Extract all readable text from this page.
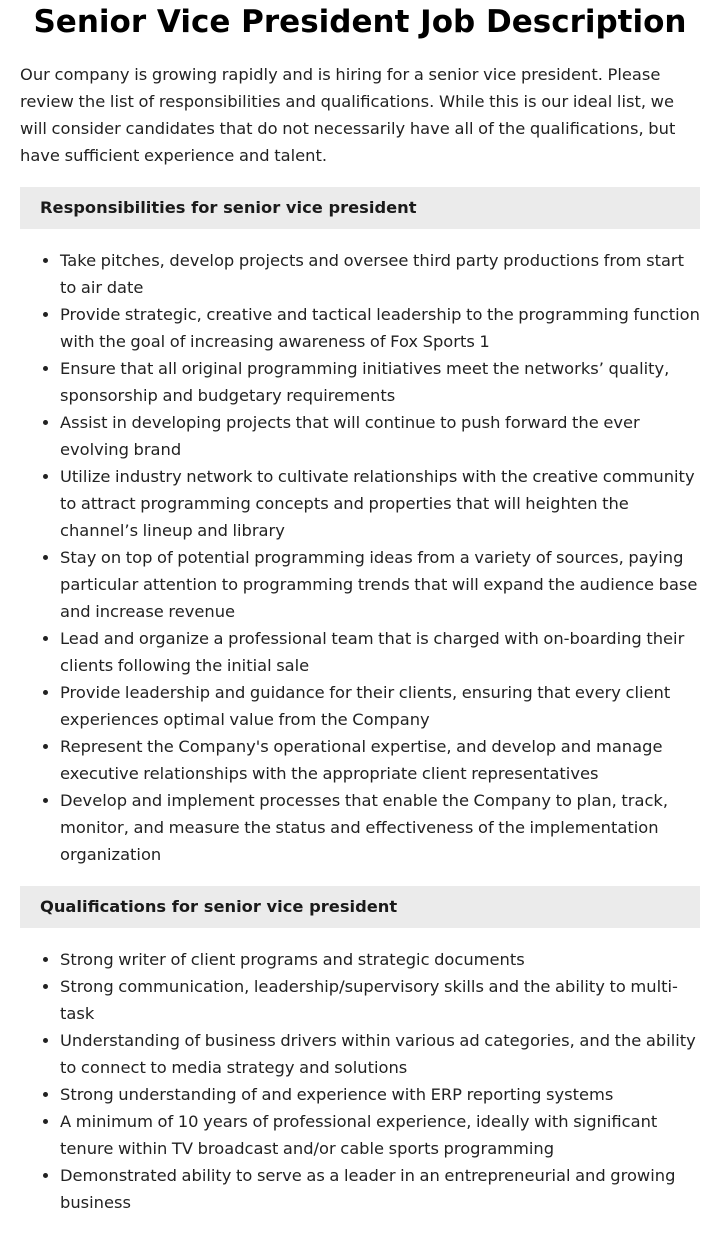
Senior Vice President Job Description

Our company is growing rapidly and is hiring for a senior vice president. Please review the list of responsibilities and qualifications. While this is our ideal list, we will consider candidates that do not necessarily have all of the qualifications, but have sufficient experience and talent.

Responsibilities for senior vice president
• Take pitches, develop projects and oversee third party productions from start to air date
• Provide strategic, creative and tactical leadership to the programming function with the goal of increasing awareness of Fox Sports 1
• Ensure that all original programming initiatives meet the networks’ quality, sponsorship and budgetary requirements
• Assist in developing projects that will continue to push forward the ever evolving brand
• Utilize industry network to cultivate relationships with the creative community to attract programming concepts and properties that will heighten the channel’s lineup and library
• Stay on top of potential programming ideas from a variety of sources, paying particular attention to programming trends that will expand the audience base and increase revenue
• Lead and organize a professional team that is charged with on-boarding their clients following the initial sale
• Provide leadership and guidance for their clients, ensuring that every client experiences optimal value from the Company
• Represent the Company's operational expertise, and develop and manage executive relationships with the appropriate client representatives
• Develop and implement processes that enable the Company to plan, track, monitor, and measure the status and effectiveness of the implementation organization
Qualifications for senior vice president
• Strong writer of client programs and strategic documents
• Strong communication, leadership/supervisory skills and the ability to multi-task
• Understanding of business drivers within various ad categories, and the ability to connect to media strategy and solutions
• Strong understanding of and experience with ERP reporting systems
• A minimum of 10 years of professional experience, ideally with significant tenure within TV broadcast and/or cable sports programming
• Demonstrated ability to serve as a leader in an entrepreneurial and growing business
